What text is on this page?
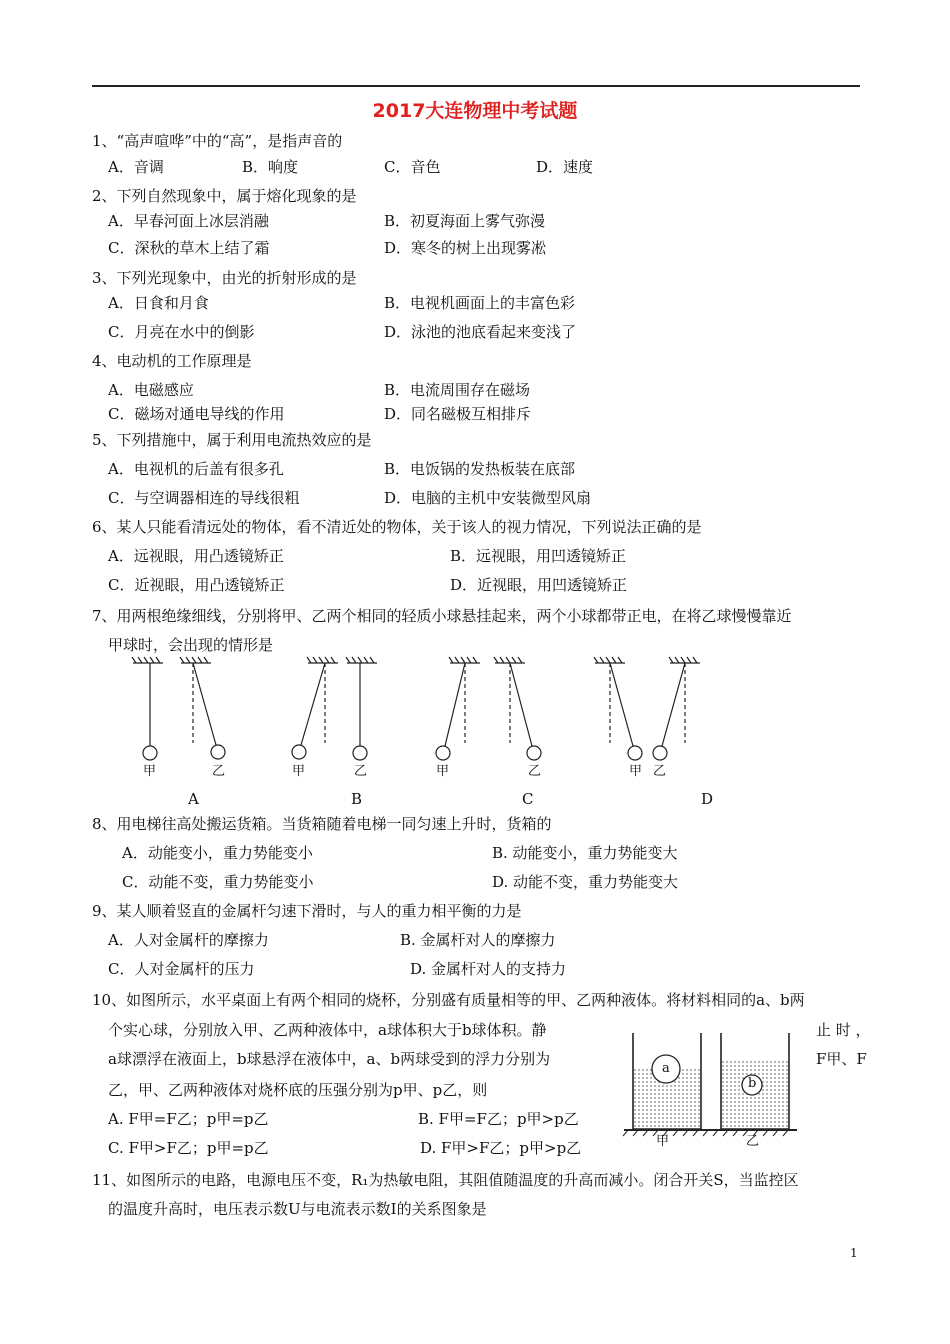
2017大连物理中考试题
1、“高声喧哗”中的“高”，是指声音的
A．音调	B．响度	C．音色	D．速度
2、下列自然现象中，属于熔化现象的是
A．早春河面上冰层消融	B．初夏海面上雾气弥漫
C．深秋的草木上结了霜	D．寒冬的树上出现雾凇
3、下列光现象中，由光的折射形成的是
A．日食和月食	B．电视机画面上的丰富色彩
C．月亮在水中的倒影	D．泳池的池底看起来变浅了
4、电动机的工作原理是
A．电磁感应	B．电流周围存在磁场
C．磁场对通电导线的作用	D．同名磁极互相排斥
5、下列措施中，属于利用电流热效应的是
A．电视机的后盖有很多孔	B．电饭锅的发热板装在底部
C．与空调器相连的导线很粗	D．电脑的主机中安装微型风扇
6、某人只能看清远处的物体，看不清近处的物体，关于该人的视力情况，下列说法正确的是
A．远视眼，用凸透镜矫正	B．远视眼，用凹透镜矫正
C．近视眼，用凸透镜矫正	D．近视眼，用凹透镜矫正
7、用两根绝缘细线，分别将甲、乙两个相同的轻质小球悬挂起来，两个小球都带正电，在将乙球慢慢靠近
甲球时，会出现的情形是
甲	乙	甲	乙	甲	乙	甲 乙
A	B	C	D
8、用电梯往高处搬运货箱。当货箱随着电梯一同匀速上升时，货箱的
A．动能变小，重力势能变小	B. 动能变小，重力势能变大
C．动能不变，重力势能变小	D. 动能不变，重力势能变大
9、某人顺着竖直的金属杆匀速下滑时，与人的重力相平衡的力是
A．人对金属杆的摩擦力	B. 金属杆对人的摩擦力
C．人对金属杆的压力	D. 金属杆对人的支持力
10、如图所示，水平桌面上有两个相同的烧杯，分别盛有质量相等的甲、乙两种液体。将材料相同的a、b两
个实心球，分别放入甲、乙两种液体中，a球体积大于b球体积。静	止 时 ，
a球漂浮在液面上，b球悬浮在液体中，a、b两球受到的浮力分别为	F甲、F
乙，甲、乙两种液体对烧杯底的压强分别为p甲、p乙，则
A. F甲=F乙；p甲=p乙	B. F甲=F乙；p甲>p乙
C. F甲>F乙；p甲=p乙	D. F甲>F乙；p甲>p乙
a
b
甲	乙
11、如图所示的电路，电源电压不变，R₁为热敏电阻，其阻值随温度的升高而减小。闭合开关S，当监控区
的温度升高时，电压表示数U与电流表示数I的关系图象是
1
